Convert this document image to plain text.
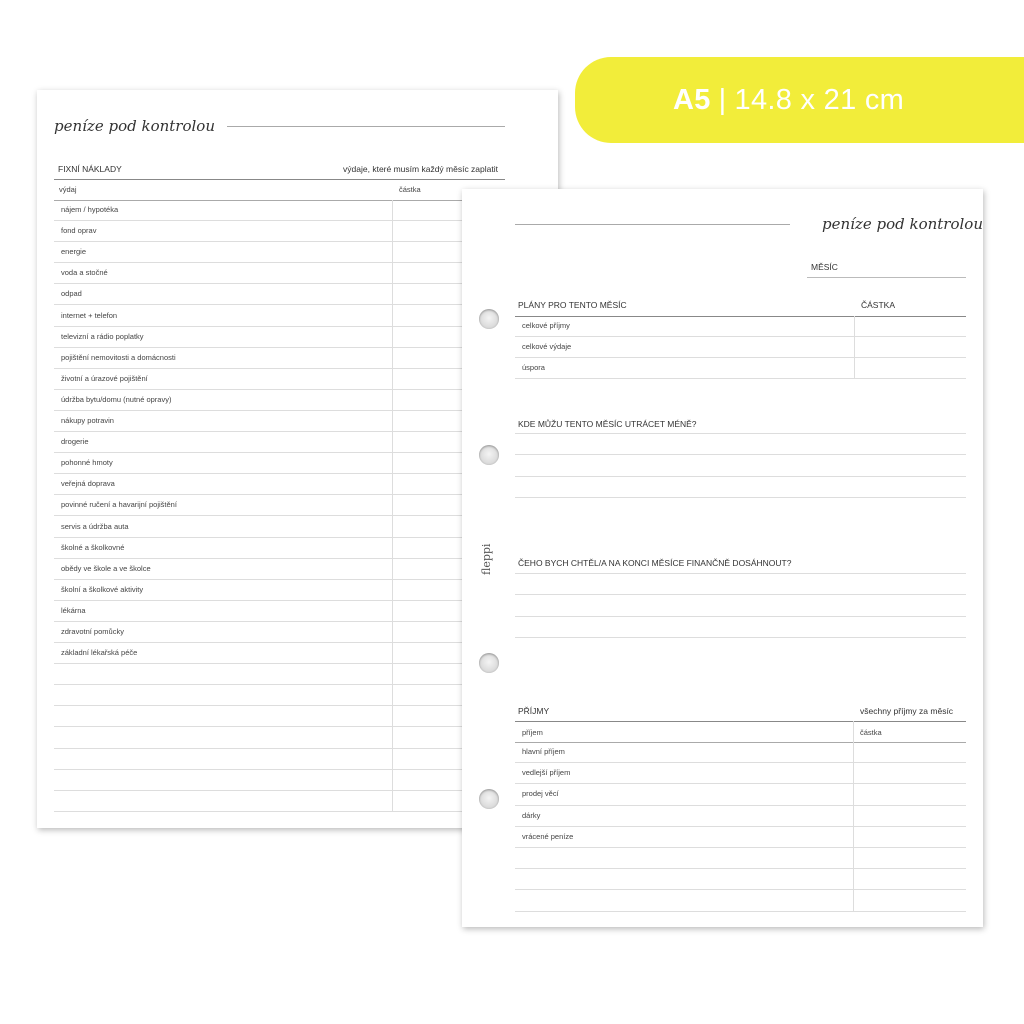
A5 | 14.8 x 21 cm
peníze pod kontrolou
FIXNÍ NÁKLADY	výdaje, které musím každý měsíc zaplatit
výdaj	částka
nájem / hypotéka
fond oprav
energie
voda a stočné
odpad
internet + telefon
televizní a rádio poplatky
pojištění nemovitosti a domácnosti
životní a úrazové pojištění
údržba bytu/domu (nutné opravy)
nákupy potravin
drogerie
pohonné hmoty
veřejná doprava
povinné ručení a havarijní pojištění
servis a údržba auta
školné a školkovné
obědy ve škole a ve školce
školní a školkové aktivity
lékárna
zdravotní pomůcky
základní lékařská péče
peníze pod kontrolou
MĚSÍC
fleppi
PLÁNY PRO TENTO MĚSÍC	ČÁSTKA
celkové příjmy
celkové výdaje
úspora
KDE MŮŽU TENTO MĚSÍC UTRÁCET MÉNĚ?
ČEHO BYCH CHTĚL/A NA KONCI MĚSÍCE FINANČNĚ DOSÁHNOUT?
PŘÍJMY	všechny příjmy za měsíc
příjem	částka
hlavní příjem
vedlejší příjem
prodej věcí
dárky
vrácené peníze
